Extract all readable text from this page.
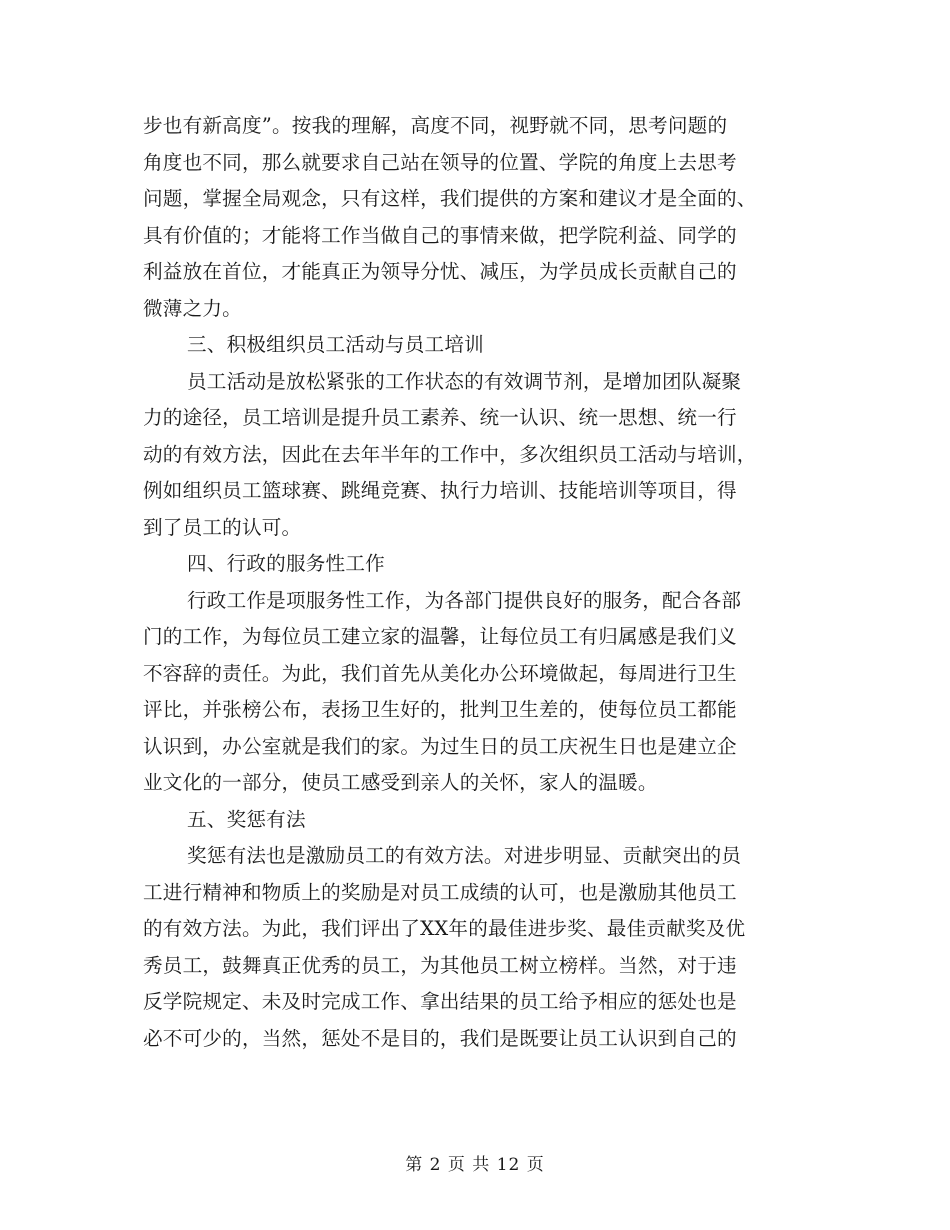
步也有新高度”。按我的理解，高度不同，视野就不同，思考问题的
角度也不同，那么就要求自己站在领导的位置、学院的角度上去思考
问题，掌握全局观念，只有这样，我们提供的方案和建议才是全面的、
具有价值的；才能将工作当做自己的事情来做，把学院利益、同学的
利益放在首位，才能真正为领导分忧、减压，为学员成长贡献自己的
微薄之力。
三、积极组织员工活动与员工培训
员工活动是放松紧张的工作状态的有效调节剂，是增加团队凝聚
力的途径，员工培训是提升员工素养、统一认识、统一思想、统一行
动的有效方法，因此在去年半年的工作中，多次组织员工活动与培训，
例如组织员工篮球赛、跳绳竞赛、执行力培训、技能培训等项目，得
到了员工的认可。
四、行政的服务性工作
行政工作是项服务性工作，为各部门提供良好的服务，配合各部
门的工作，为每位员工建立家的温馨，让每位员工有归属感是我们义
不容辞的责任。为此，我们首先从美化办公环境做起，每周进行卫生
评比，并张榜公布，表扬卫生好的，批判卫生差的，使每位员工都能
认识到，办公室就是我们的家。为过生日的员工庆祝生日也是建立企
业文化的一部分，使员工感受到亲人的关怀，家人的温暖。
五、奖惩有法
奖惩有法也是激励员工的有效方法。对进步明显、贡献突出的员
工进行精神和物质上的奖励是对员工成绩的认可，也是激励其他员工
的有效方法。为此，我们评出了XX年的最佳进步奖、最佳贡献奖及优
秀员工，鼓舞真正优秀的员工，为其他员工树立榜样。当然，对于违
反学院规定、未及时完成工作、拿出结果的员工给予相应的惩处也是
必不可少的，当然，惩处不是目的，我们是既要让员工认识到自己的
第 2 页 共 12 页
